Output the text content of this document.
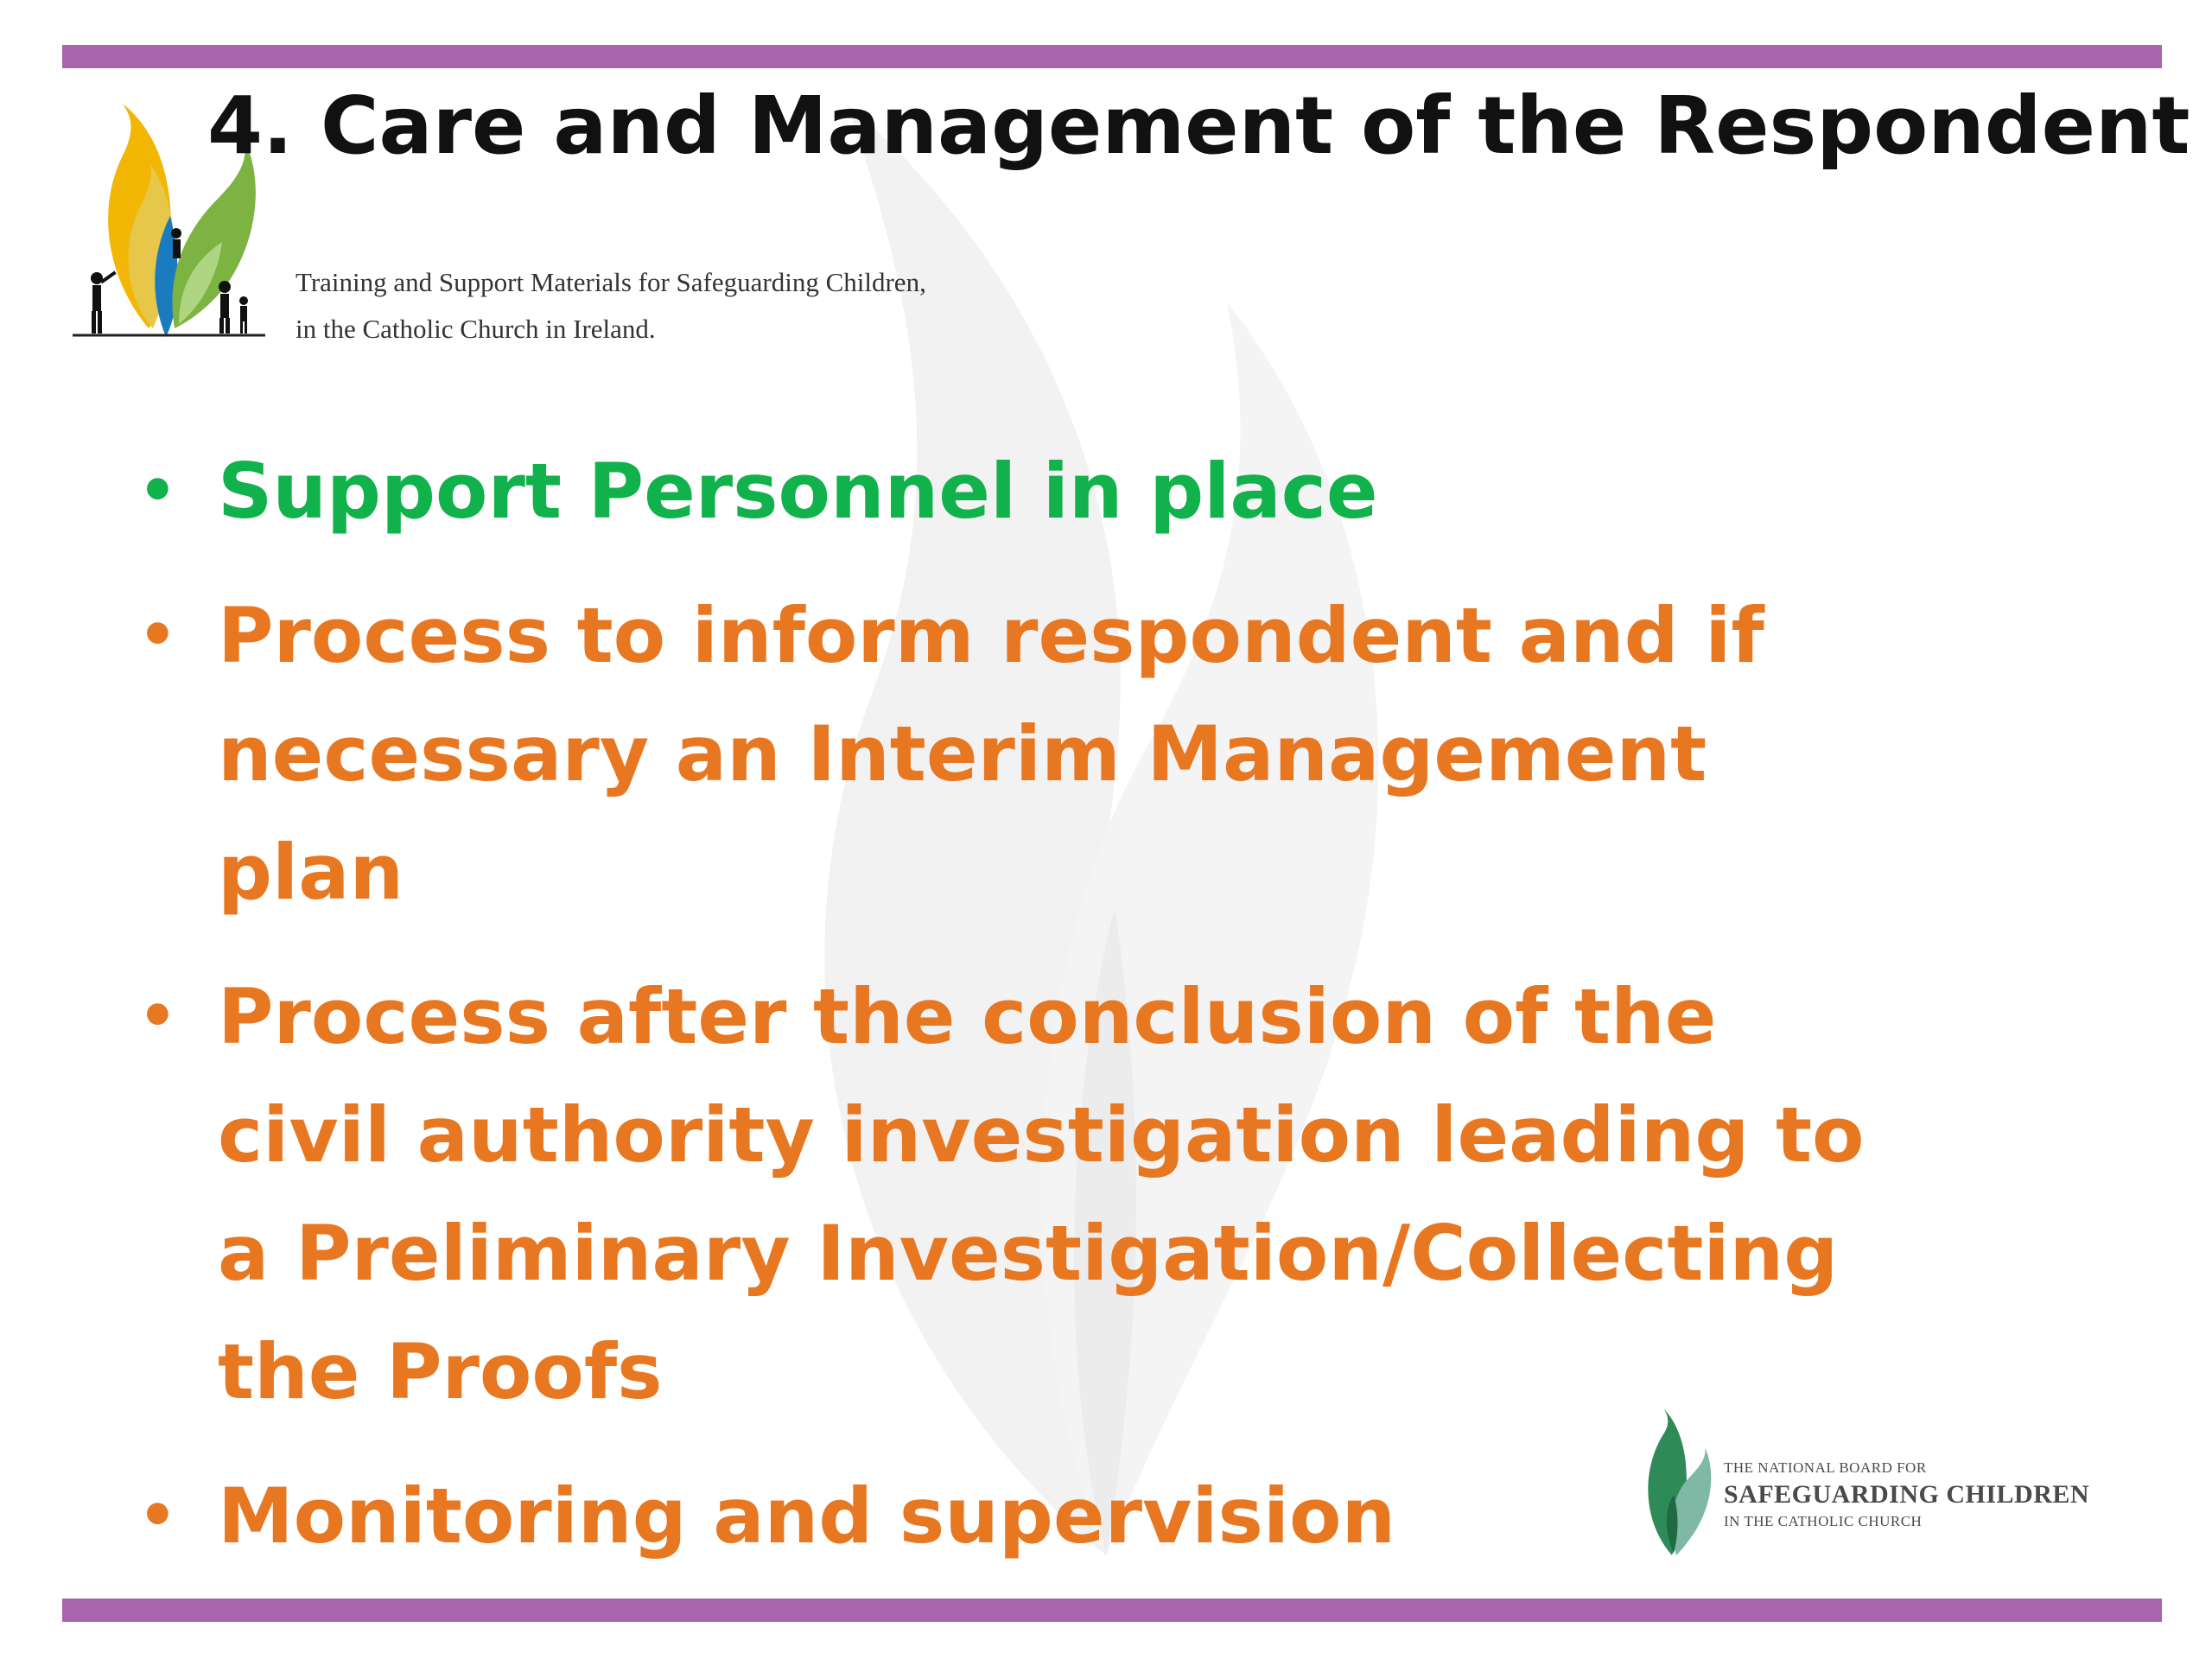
4. Care and Management of the Respondent
Training and Support Materials for Safeguarding Children,
in the Catholic Church in Ireland.
• Support Personnel in place
• Process to inform respondent and if necessary an Interim Management plan
• Process after the conclusion of the civil authority investigation leading to a Preliminary Investigation/Collecting the Proofs
• Monitoring and supervision
THE NATIONAL BOARD FOR
SAFEGUARDING CHILDREN
IN THE CATHOLIC CHURCH
